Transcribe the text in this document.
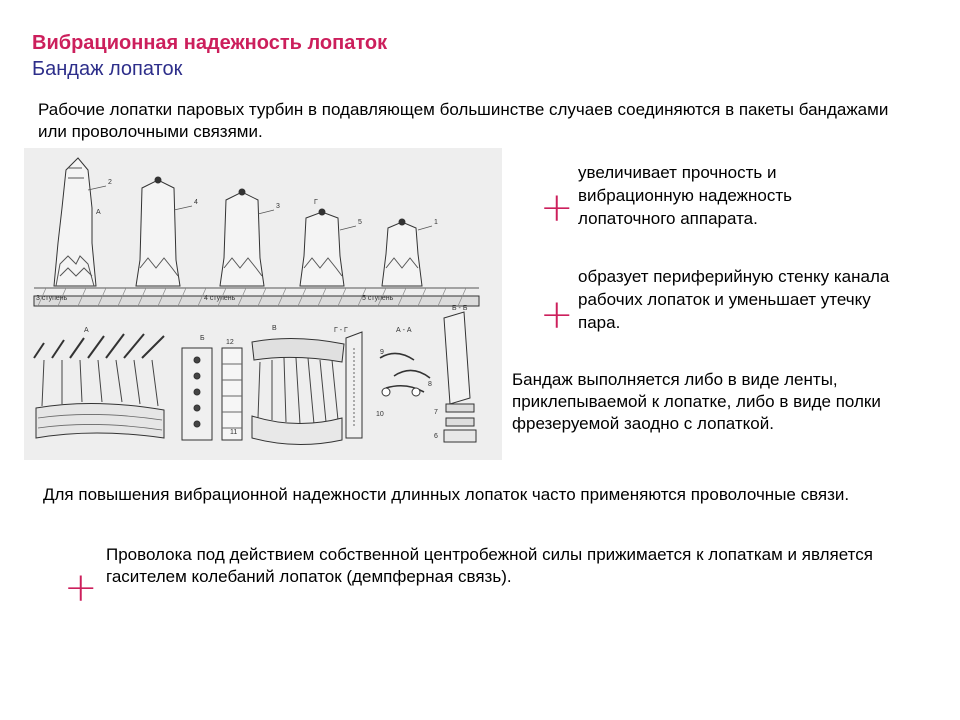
Вибрационная надежность лопаток
Бандаж лопаток
Рабочие лопатки паровых турбин в подавляющем большинстве случаев соединяются в пакеты бандажами или проволочными связями.
3 ступень	4 ступень	5 ступень
2
А
4
3
Г
5	1
А
Б
12
В	Г - Г	А - А
Б - Б
9
8
10	7
6
11
+
увеличивает прочность и вибрационную надежность лопаточного аппарата.
+
образует периферийную стенку канала рабочих лопаток и уменьшает утечку пара.
Бандаж выполняется либо в виде ленты, приклепываемой к лопатке, либо в виде полки фрезеруемой заодно с лопаткой.
Для повышения вибрационной надежности длинных лопаток часто применяются проволочные связи.
+
Проволока под действием собственной центробежной силы прижимается к лопаткам и является гасителем колебаний лопаток (демпферная связь).
